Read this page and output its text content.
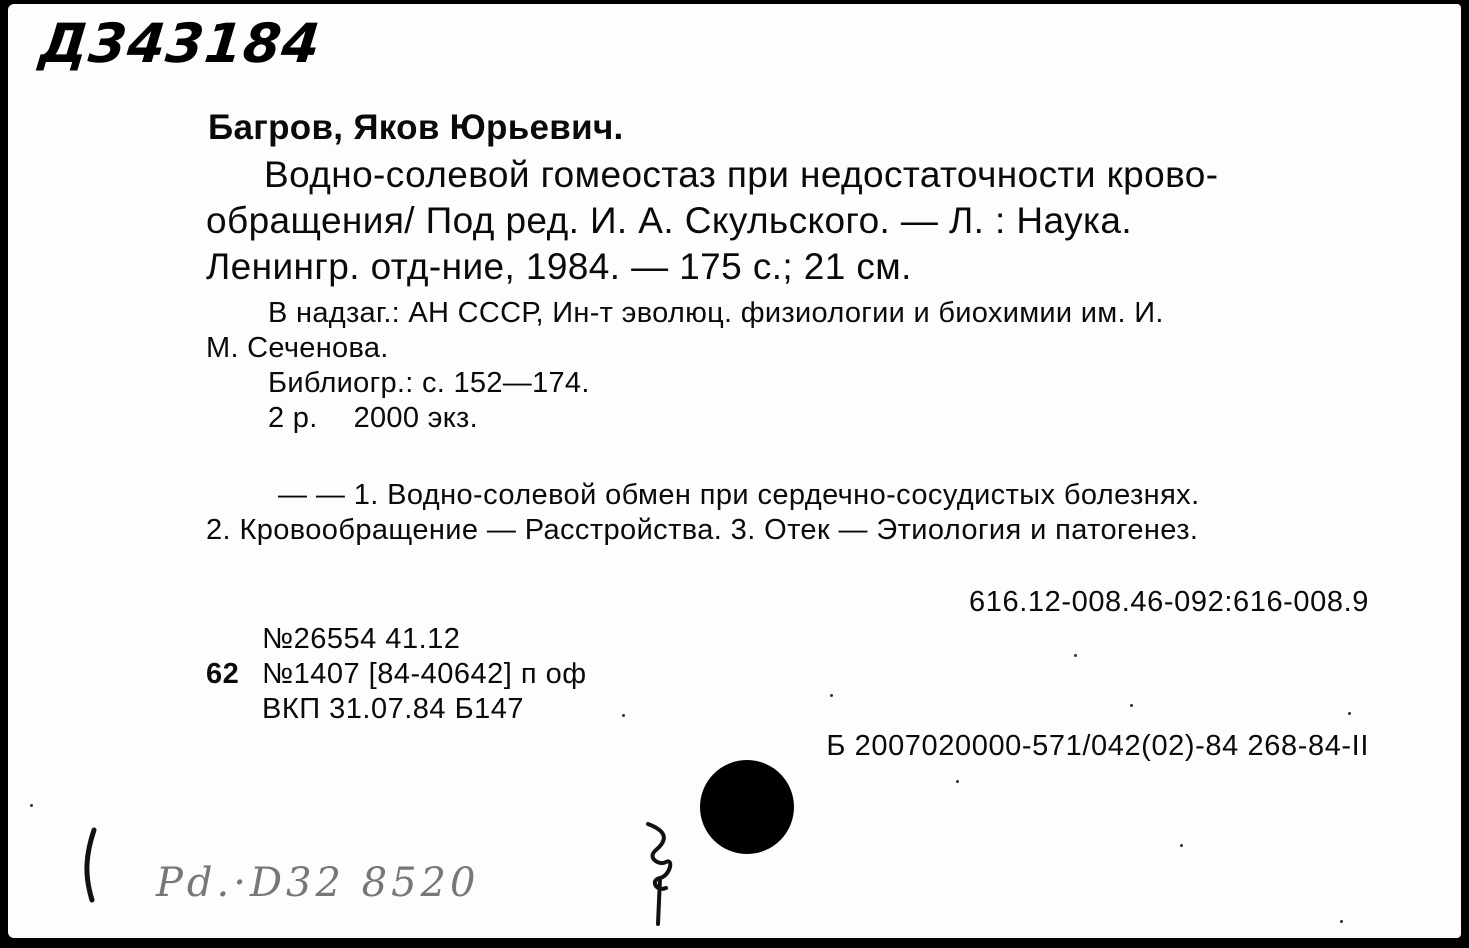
Д343184
Багров, Яков Юрьевич.
Водно-солевой гомеостаз при недостаточности крово-
обращения/ Под ред. И. А. Скульского. — Л. : Наука.
Ленингр. отд-ние, 1984. — 175 с.; 21 см.
В надзаг.: АН СССР, Ин-т эволюц. физиологии и биохимии им. И.
М. Сеченова.
Библиогр.: с. 152—174.
2 р. 2000 экз.
— — 1. Водно-солевой обмен при сердечно-сосудистых болезнях.
2. Кровообращение — Расстройства. 3. Отек — Этиология и патогенез.
616.12-008.46-092:616-008.9
№26554 41.12
62 №1407 [84-40642] п оф
ВКП 31.07.84 Б147
Б 2007020000-571/042(02)-84 268-84-II
Pd.·D32 8520
